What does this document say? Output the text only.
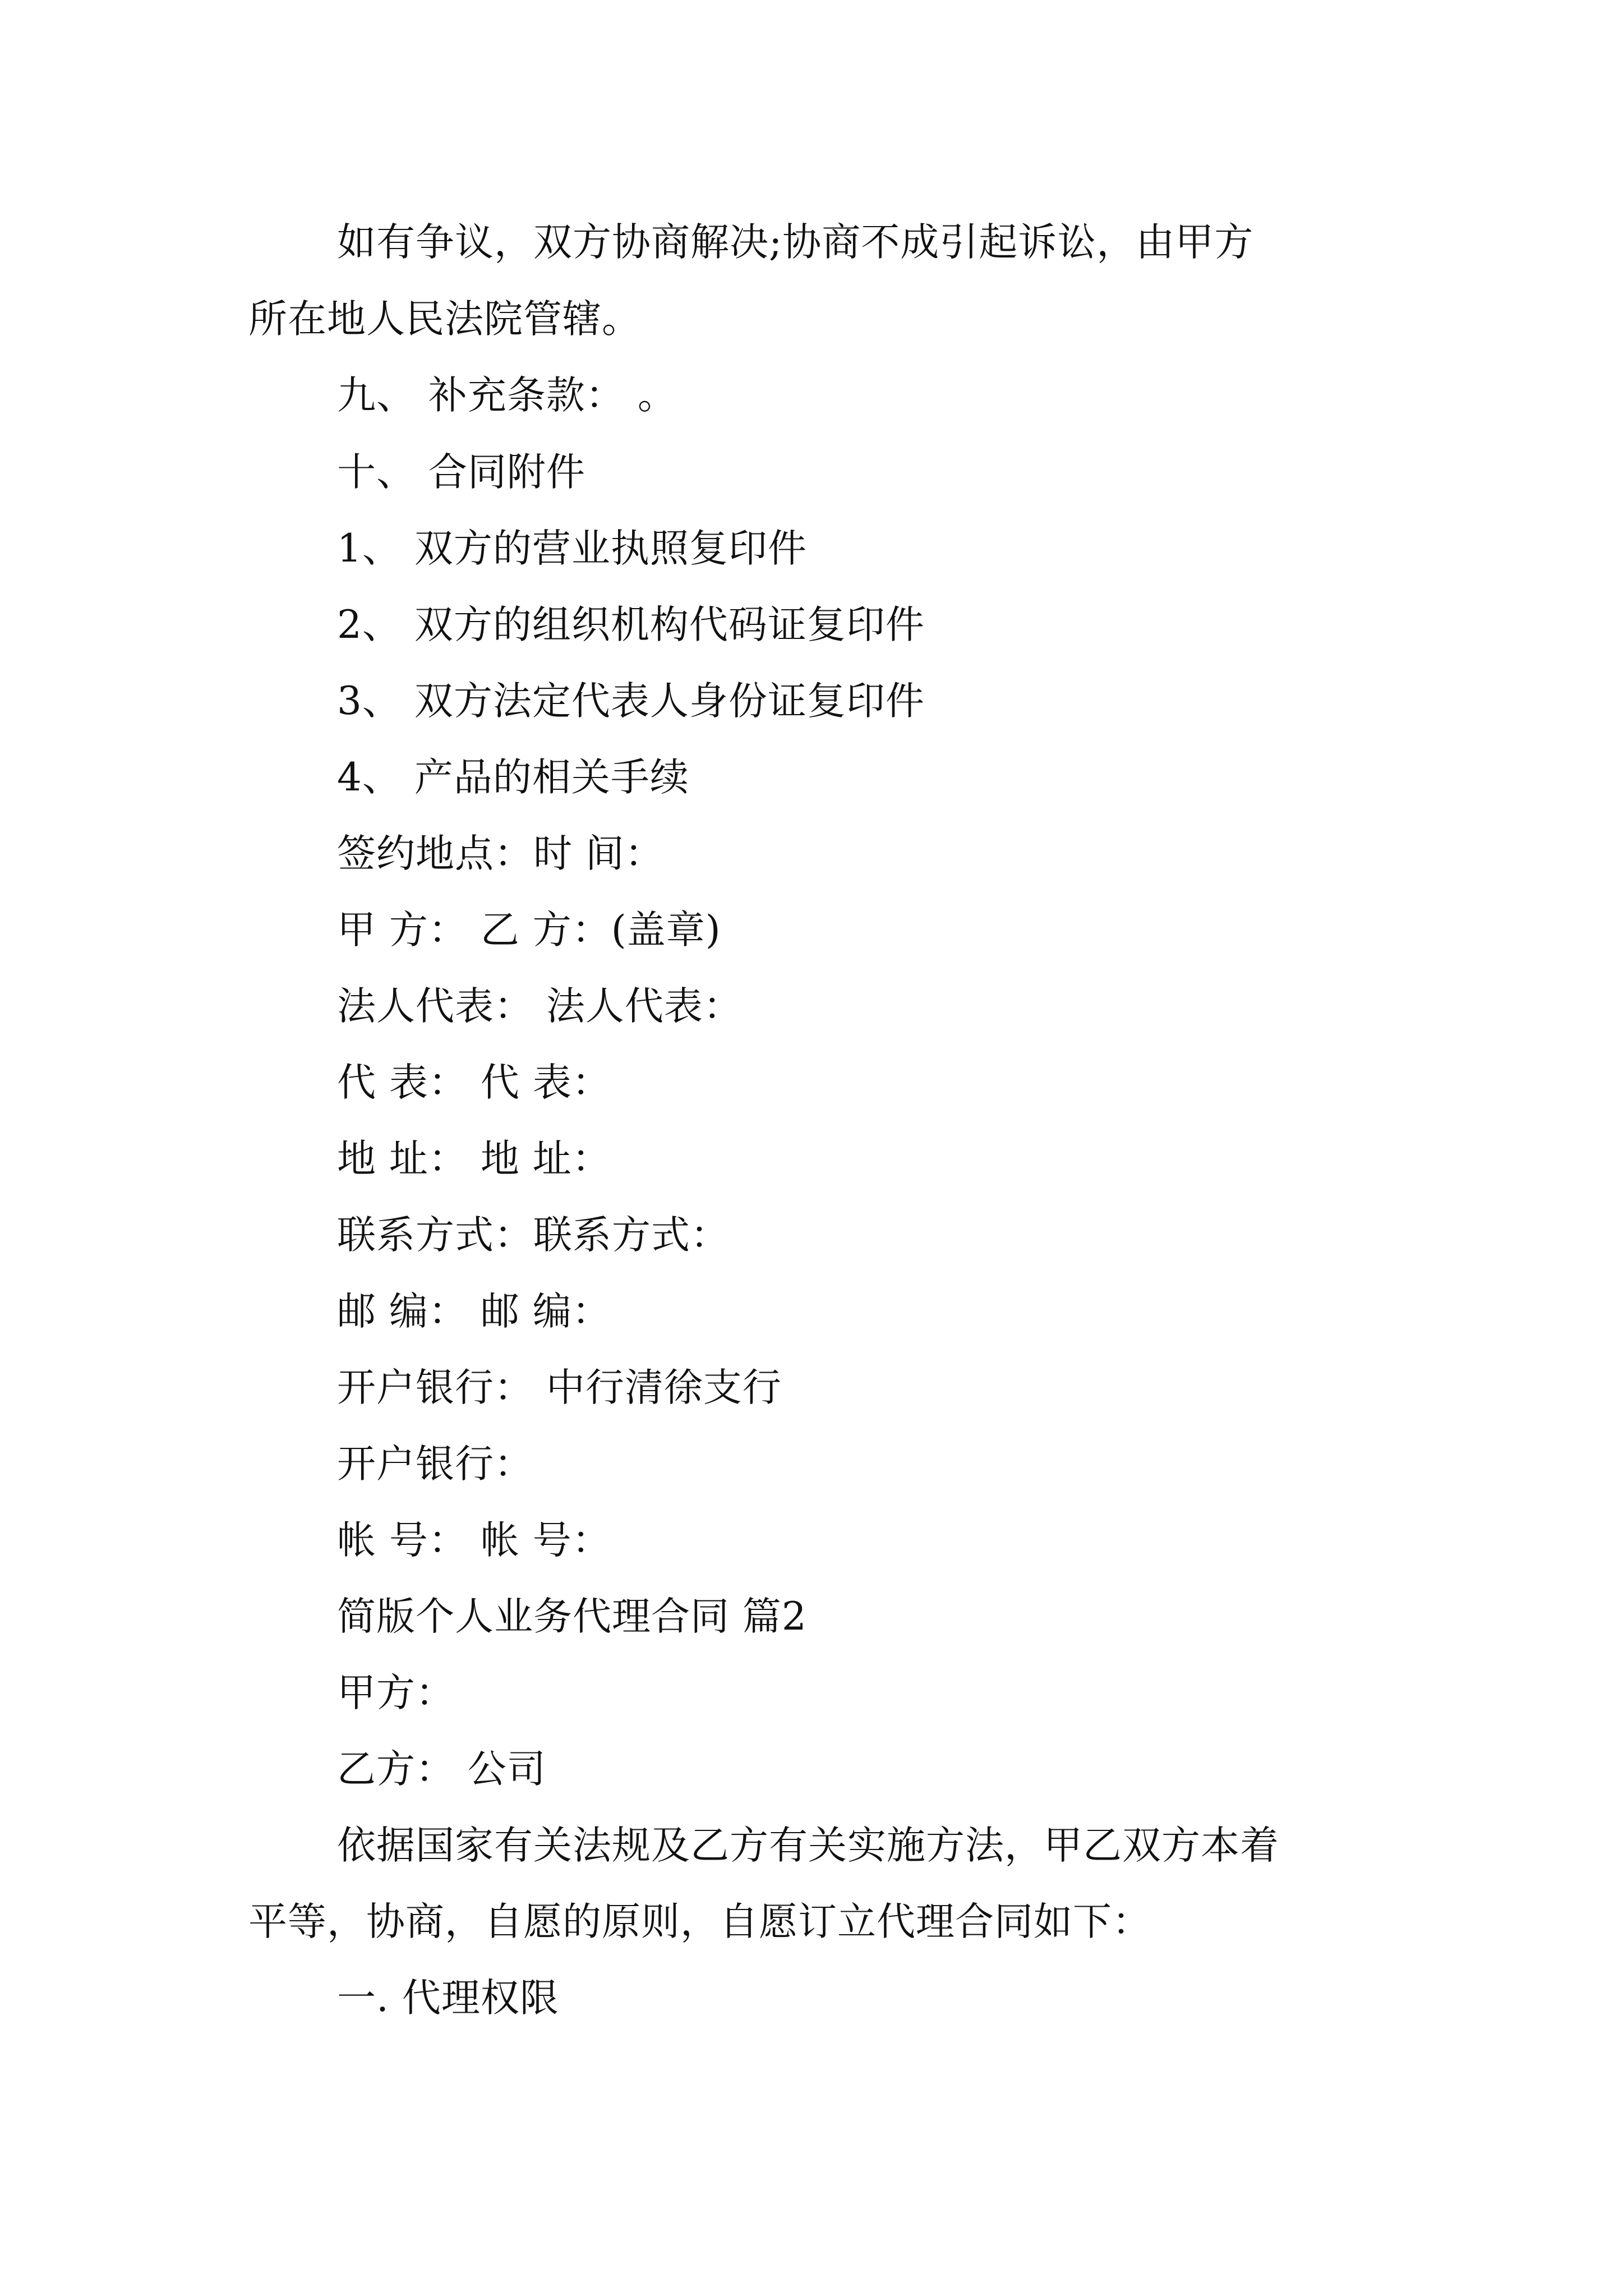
如有争议，双方协商解决;协商不成引起诉讼，由甲方
所在地人民法院管辖。
九、 补充条款： 。
十、 合同附件
1、 双方的营业执照复印件
2、 双方的组织机构代码证复印件
3、 双方法定代表人身份证复印件
4、 产品的相关手续
签约地点：时 间：
甲 方： 乙 方：(盖章)
法人代表： 法人代表：
代 表： 代 表：
地 址： 地 址：
联系方式：联系方式：
邮 编： 邮 编：
开户银行： 中行清徐支行
开户银行：
帐 号： 帐 号：
简版个人业务代理合同 篇2
甲方：
乙方： 公司
依据国家有关法规及乙方有关实施方法，甲乙双方本着
平等，协商，自愿的原则，自愿订立代理合同如下：
一. 代理权限
